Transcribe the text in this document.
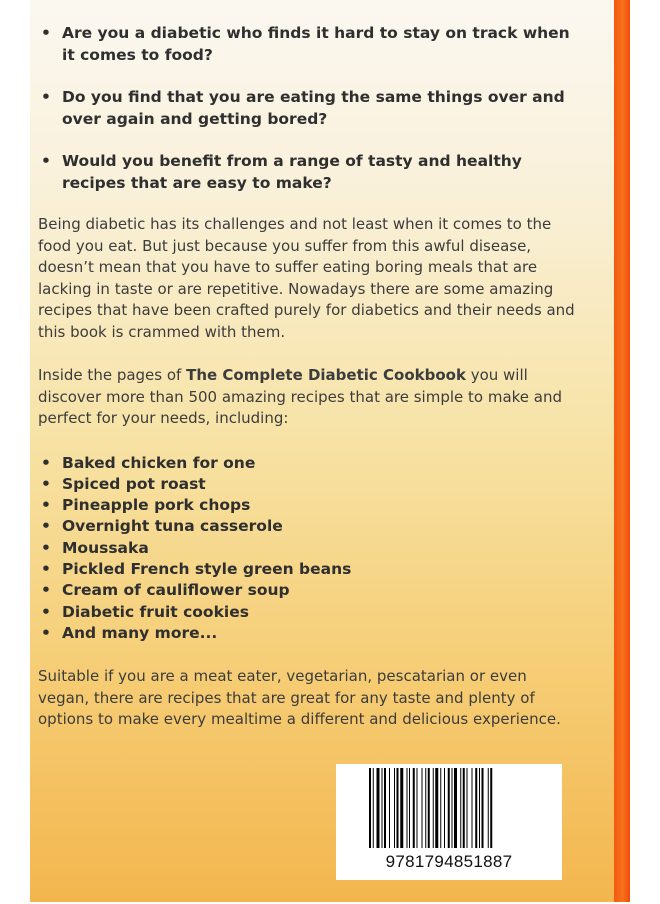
• Are you a diabetic who finds it hard to stay on track when it comes to food?
• Do you find that you are eating the same things over and over again and getting bored?
• Would you benefit from a range of tasty and healthy recipes that are easy to make?

Being diabetic has its challenges and not least when it comes to the food you eat. But just because you suffer from this awful disease, doesn’t mean that you have to suffer eating boring meals that are lacking in taste or are repetitive. Nowadays there are some amazing recipes that have been crafted purely for diabetics and their needs and this book is crammed with them.

Inside the pages of The Complete Diabetic Cookbook you will discover more than 500 amazing recipes that are simple to make and perfect for your needs, including:

• Baked chicken for one
• Spiced pot roast
• Pineapple pork chops
• Overnight tuna casserole
• Moussaka
• Pickled French style green beans
• Cream of cauliflower soup
• Diabetic fruit cookies
• And many more...

Suitable if you are a meat eater, vegetarian, pescatarian or even vegan, there are recipes that are great for any taste and plenty of options to make every mealtime a different and delicious experience.

9781794851887
